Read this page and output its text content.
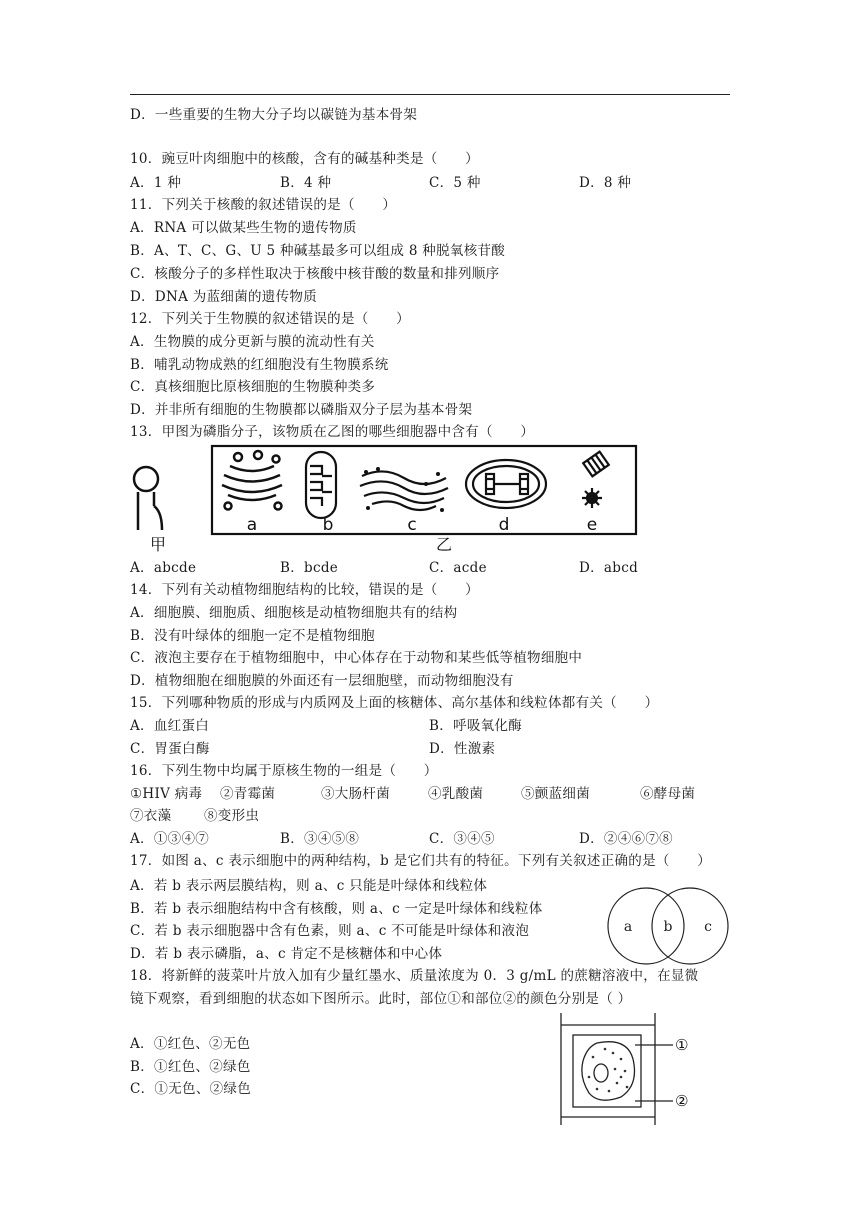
D．一些重要的生物大分子均以碳链为基本骨架
10．豌豆叶肉细胞中的核酸，含有的碱基种类是（　　）
A．1 种	B．4 种	C．5 种	D．8 种
11．下列关于核酸的叙述错误的是（　　）
A．RNA 可以做某些生物的遗传物质
B．A、T、C、G、U 5 种碱基最多可以组成 8 种脱氧核苷酸
C．核酸分子的多样性取决于核酸中核苷酸的数量和排列顺序
D．DNA 为蓝细菌的遗传物质
12．下列关于生物膜的叙述错误的是（　　）
A．生物膜的成分更新与膜的流动性有关
B．哺乳动物成熟的红细胞没有生物膜系统
C．真核细胞比原核细胞的生物膜种类多
D．并非所有细胞的生物膜都以磷脂双分子层为基本骨架
13．甲图为磷脂分子，该物质在乙图的哪些细胞器中含有（　　）
a	b	c	d	e
甲	乙
A．abcde	B．bcde	C．acde	D．abcd
14．下列有关动植物细胞结构的比较，错误的是（　　）
A．细胞膜、细胞质、细胞核是动植物细胞共有的结构
B．没有叶绿体的细胞一定不是植物细胞
C．液泡主要存在于植物细胞中，中心体存在于动物和某些低等植物细胞中
D．植物细胞在细胞膜的外面还有一层细胞壁，而动物细胞没有
15．下列哪种物质的形成与内质网及上面的核糖体、高尔基体和线粒体都有关（　　）
A．血红蛋白	B．呼吸氧化酶
C．胃蛋白酶	D．性激素
16．下列生物中均属于原核生物的一组是（　　）
①HIV 病毒 ②青霉菌	③大肠杆菌	④乳酸菌	⑤颤蓝细菌	⑥酵母菌
⑦衣藻 ⑧变形虫
A．①③④⑦	B．③④⑤⑧	C．③④⑤	D．②④⑥⑦⑧
17．如图 a、c 表示细胞中的两种结构，b 是它们共有的特征。下列有关叙述正确的是（　　）
A．若 b 表示两层膜结构，则 a、c 只能是叶绿体和线粒体
B．若 b 表示细胞结构中含有核酸，则 a、c 一定是叶绿体和线粒体
C．若 b 表示细胞器中含有色素，则 a、c 不可能是叶绿体和液泡
D．若 b 表示磷脂，a、c 肯定不是核糖体和中心体
a b c
18．将新鲜的菠菜叶片放入加有少量红墨水、质量浓度为 0．3 g/mL 的蔗糖溶液中，在显微
镜下观察，看到细胞的状态如下图所示。此时，部位①和部位②的颜色分别是（ ）
A．①红色、②无色
B．①红色、②绿色
C．①无色、②绿色
①
②
